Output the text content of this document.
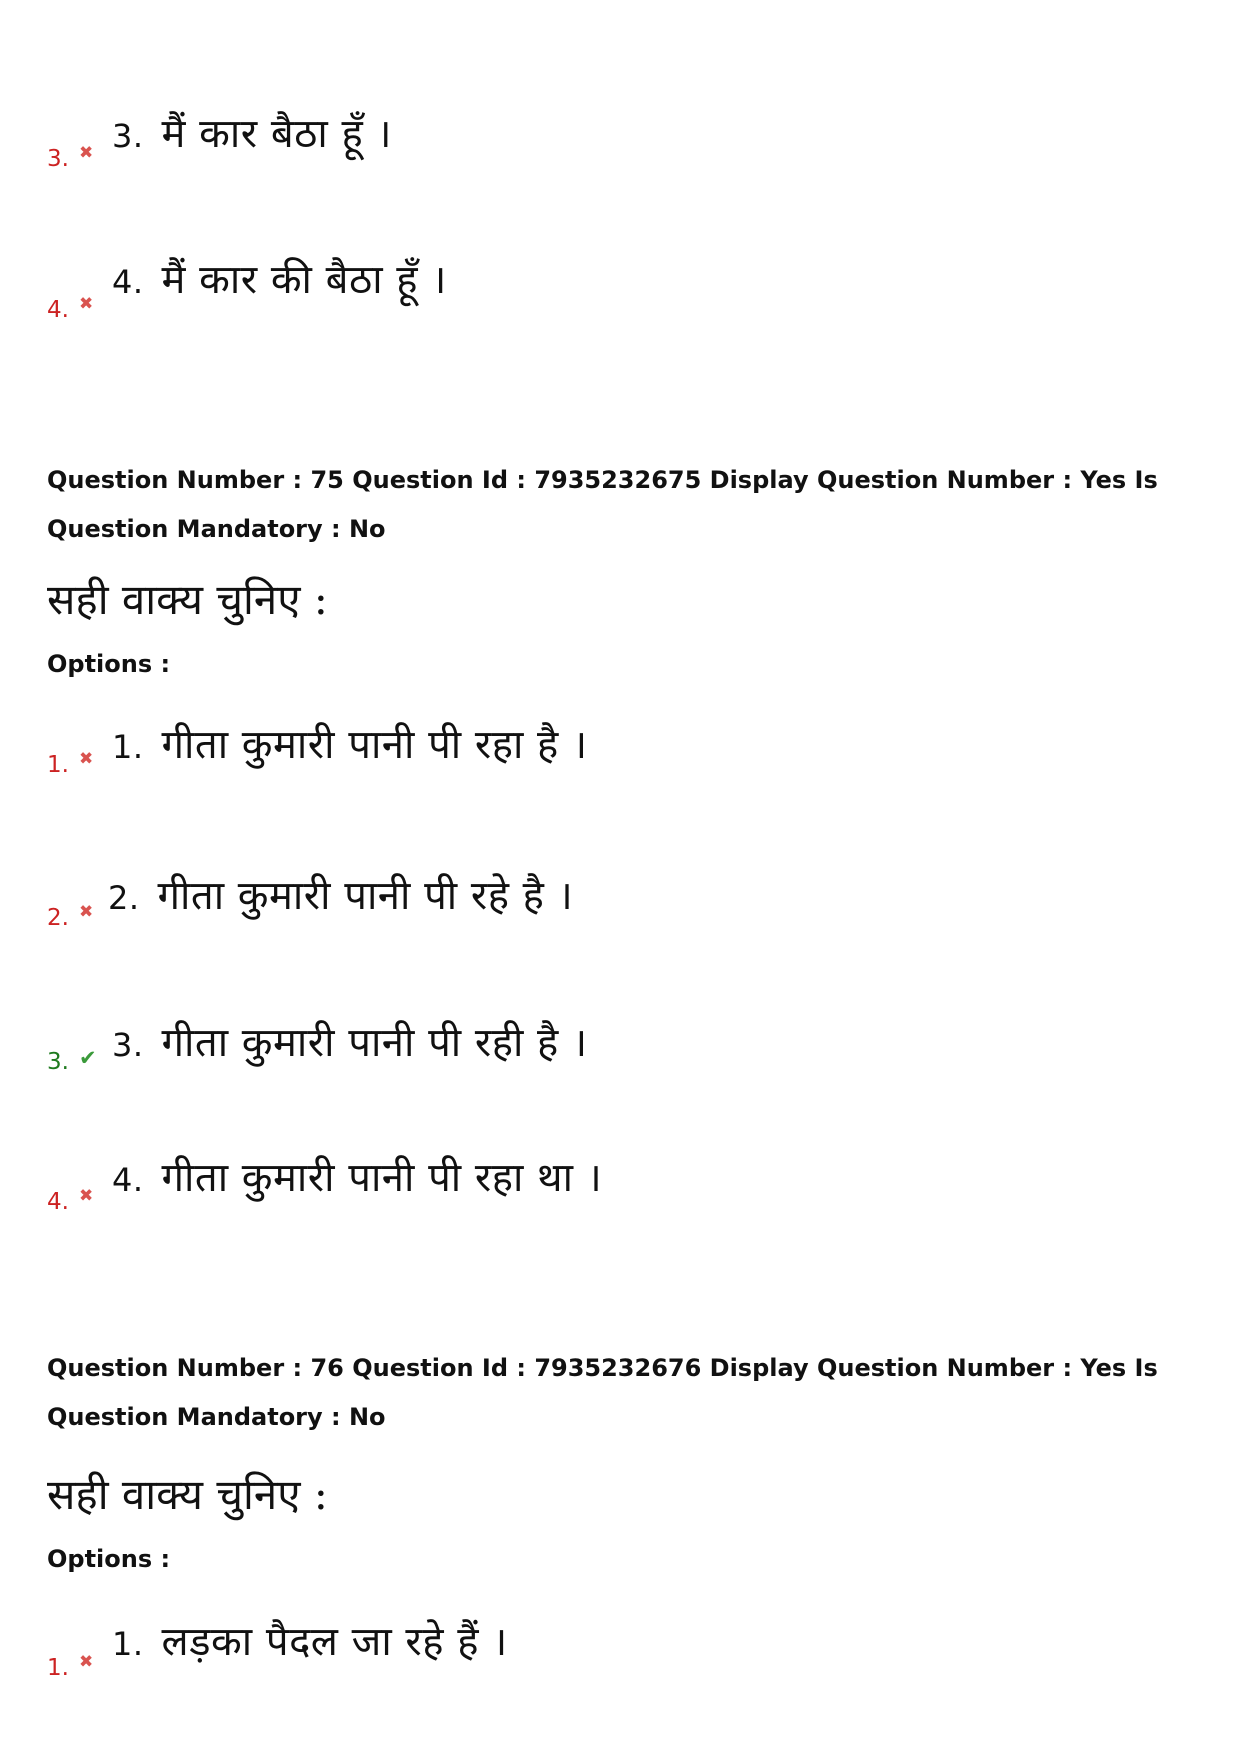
3. ✖ 3. मैं कार बैठा हूँ ।
4. ✖
4. मैं कार की बैठा हूँ ।
Question Number : 75 Question Id : 7935232675 Display Question Number : Yes Is Question Mandatory : No
सही वाक्य चुनिए :
Options :
1. ✖ 1. गीता कुमारी पानी पी रहा है ।
2. ✖ 2. गीता कुमारी पानी पी रहे है ।
3. ✔ 3. गीता कुमारी पानी पी रही है ।
4. ✖ 4. गीता कुमारी पानी पी रहा था ।
Question Number : 76 Question Id : 7935232676 Display Question Number : Yes Is Question Mandatory : No
सही वाक्य चुनिए :
Options :
1. ✖ 1. लड़का पैदल जा रहे हैं ।
